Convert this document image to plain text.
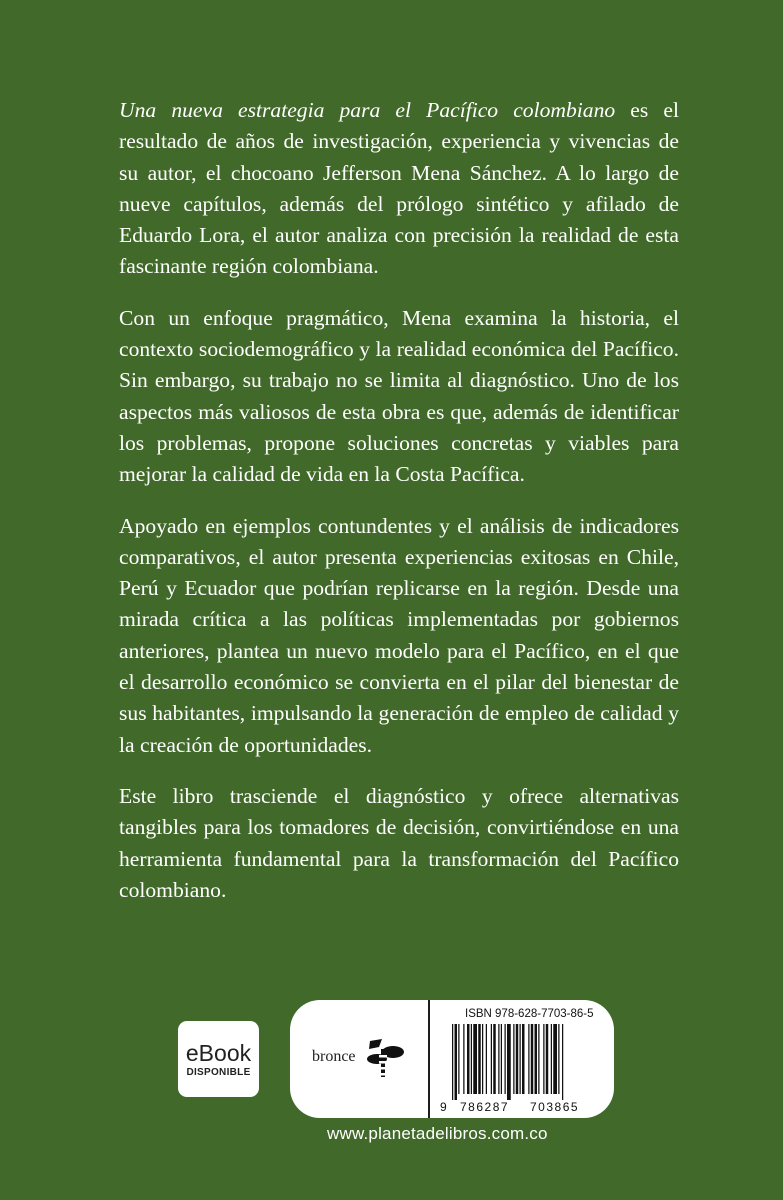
Una nueva estrategia para el Pacífico colombiano es el resultado de años de investigación, experiencia y vivencias de su autor, el chocoano Jefferson Mena Sánchez. A lo largo de nueve capítulos, además del prólogo sintético y afilado de Eduardo Lora, el autor analiza con precisión la realidad de esta fascinante región colombiana.

Con un enfoque pragmático, Mena examina la historia, el contexto sociodemográfico y la realidad económica del Pacífico. Sin embargo, su trabajo no se limita al diagnóstico. Uno de los aspectos más valiosos de esta obra es que, además de identificar los problemas, propone soluciones concretas y viables para mejorar la calidad de vida en la Costa Pacífica.

Apoyado en ejemplos contundentes y el análisis de indicadores comparativos, el autor presenta experiencias exitosas en Chile, Perú y Ecuador que podrían replicarse en la región. Desde una mirada crítica a las políticas implementadas por gobiernos anteriores, plantea un nuevo modelo para el Pacífico, en el que el desarrollo económico se convierta en el pilar del bienestar de sus habitantes, impulsando la generación de empleo de calidad y la creación de oportunidades.

Este libro trasciende el diagnóstico y ofrece alternativas tangibles para los tomadores de decisión, convirtiéndose en una herramienta fundamental para la transformación del Pacífico colombiano.

eBook
DISPONIBLE
bronce
ISBN 978-628-7703-86-5
9 786287 703865
www.planetadelibros.com.co
